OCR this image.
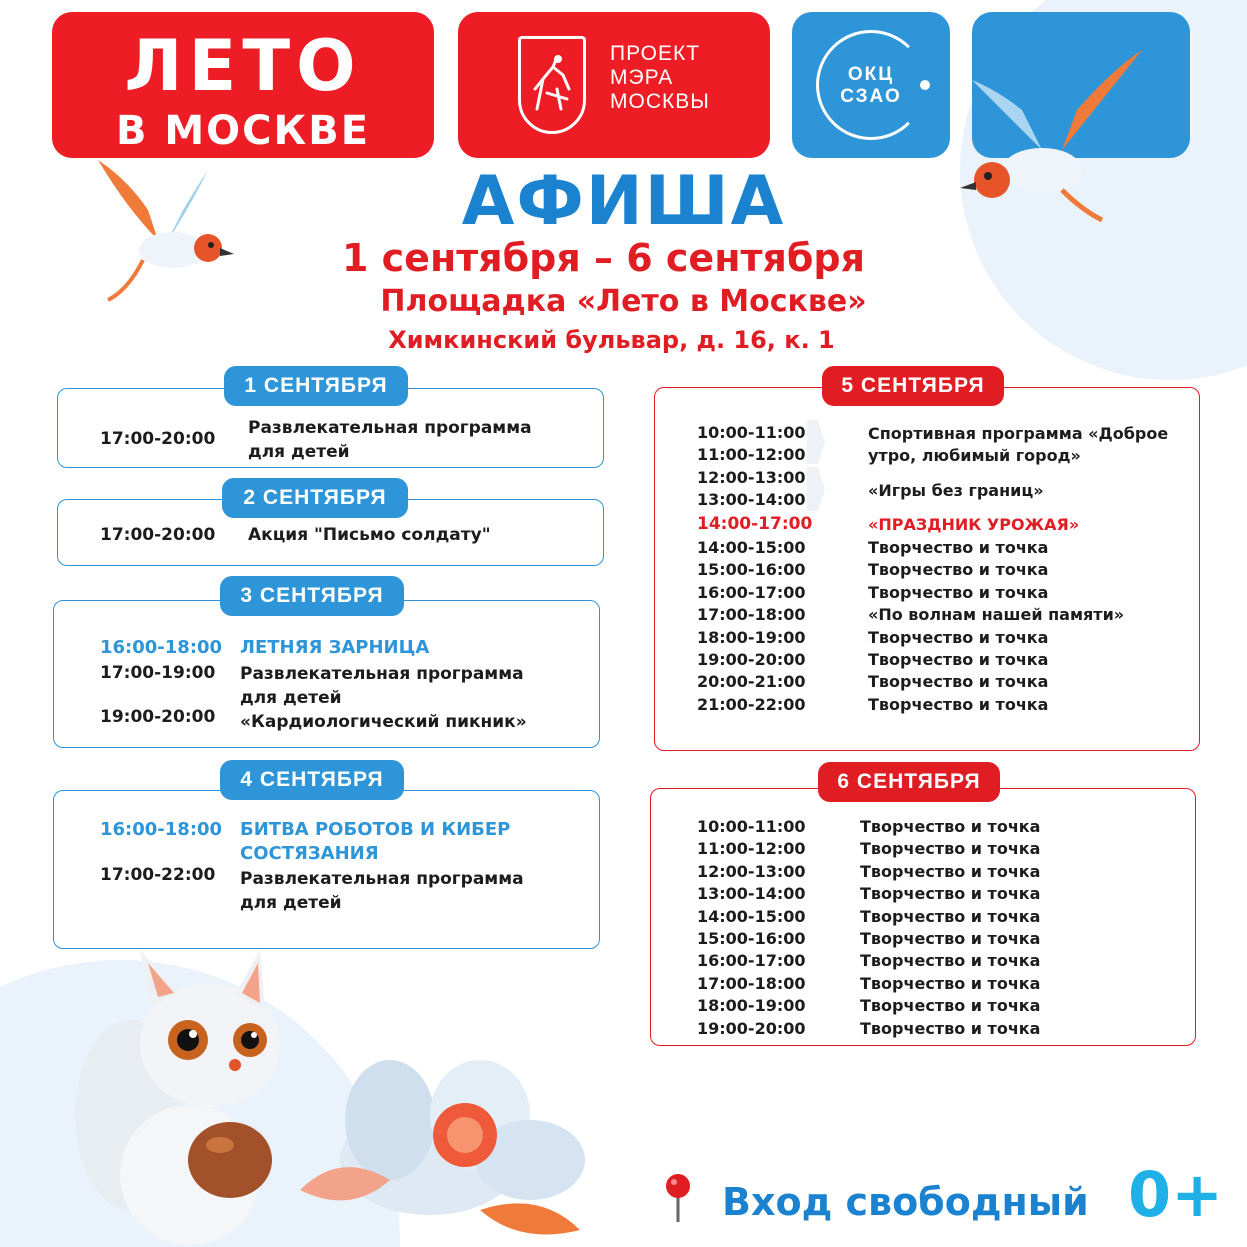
ЛЕТО
В МОСКВЕ
ПРОЕКТ
МЭРА
МОСКВЫ
ОКЦ
СЗАО
АФИША
1 сентября – 6 сентября
Площадка «Лето в Москве»
Химкинский бульвар, д. 16, к. 1
17:00-20:00
Развлекательная программа
для детей
1 СЕНТЯБРЯ
17:00-20:00 Акция "Письмо солдату"
2 СЕНТЯБРЯ
16:00-18:00 ЛЕТНЯЯ ЗАРНИЦА
17:00-19:00 Развлекательная программа
для детей
19:00-20:00 «Кардиологический пикник»
3 СЕНТЯБРЯ
16:00-18:00 БИТВА РОБОТОВ И КИБЕР
СОСТЯЗАНИЯ
17:00-22:00 Развлекательная программа
для детей
4 СЕНТЯБРЯ
10:00-11:00
11:00-12:00
12:00-13:00
13:00-14:00
Спортивная программа «Доброе
утро, любимый город»
«Игры без границ»
14:00-17:00	«ПРАЗДНИК УРОЖАЯ»
14:00-15:00
15:00-16:00
16:00-17:00
17:00-18:00
18:00-19:00
19:00-20:00
20:00-21:00
21:00-22:00
Творчество и точка
Творчество и точка
Творчество и точка
«По волнам нашей памяти»
Творчество и точка
Творчество и точка
Творчество и точка
Творчество и точка
5 СЕНТЯБРЯ
10:00-11:00
11:00-12:00
12:00-13:00
13:00-14:00
14:00-15:00
15:00-16:00
16:00-17:00
17:00-18:00
18:00-19:00
19:00-20:00
Творчество и точка
Творчество и точка
Творчество и точка
Творчество и точка
Творчество и точка
Творчество и точка
Творчество и точка
Творчество и точка
Творчество и точка
Творчество и точка
6 СЕНТЯБРЯ
Вход свободный 0+
